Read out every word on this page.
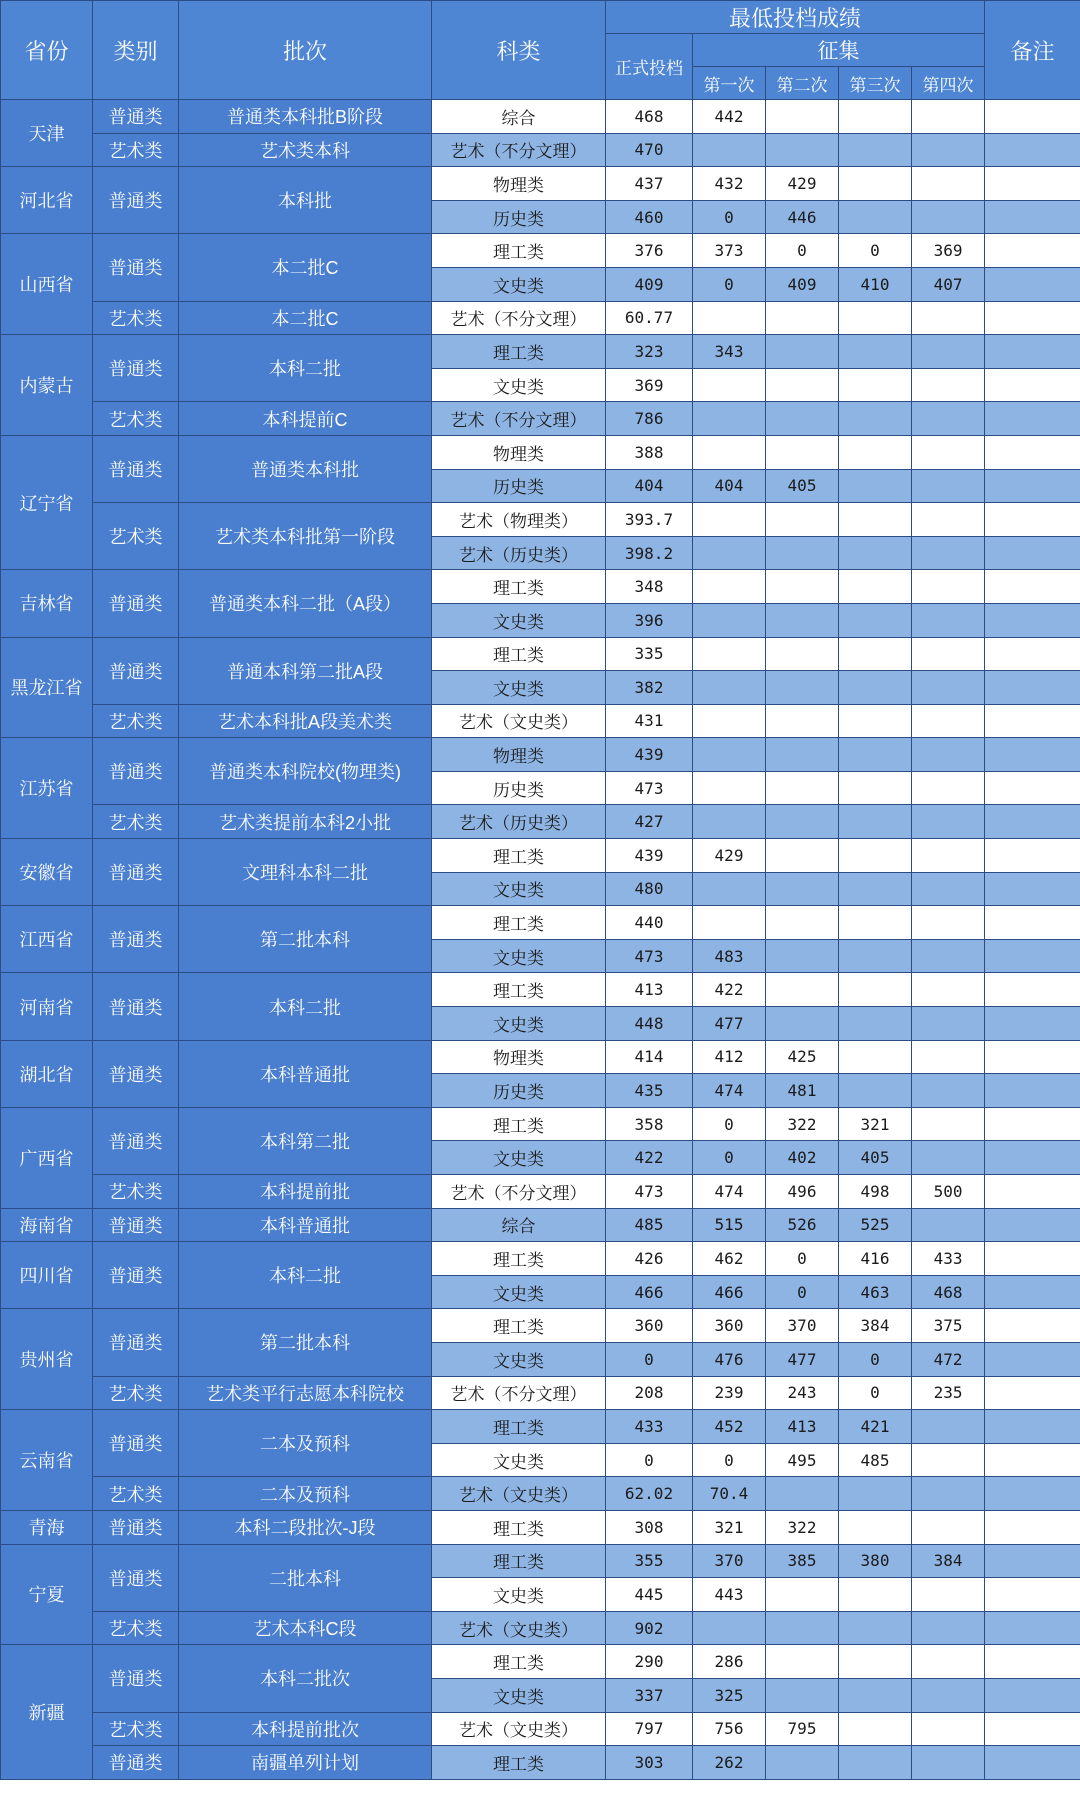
省份	类别	批次	科类	最低投档成绩					备注
				正式投档	征集				
					第一次	第二次	第三次	第四次	
天津	普通类	普通类本科批B阶段	综合	468	442				
	艺术类	艺术类本科	艺术（不分文理）	470					
河北省	普通类	本科批	物理类	437	432	429			
			历史类	460	0	446			
山西省	普通类	本二批C	理工类	376	373	0	0	369	
			文史类	409	0	409	410	407	
	艺术类	本二批C	艺术（不分文理）	60.77					
内蒙古	普通类	本科二批	理工类	323	343				
			文史类	369					
	艺术类	本科提前C	艺术（不分文理）	786					
辽宁省	普通类	普通类本科批	物理类	388					
			历史类	404	404	405			
	艺术类	艺术类本科批第一阶段	艺术（物理类）	393.7					
			艺术（历史类）	398.2					
吉林省	普通类	普通类本科二批（A段）	理工类	348					
			文史类	396					
黑龙江省	普通类	普通本科第二批A段	理工类	335					
			文史类	382					
	艺术类	艺术本科批A段美术类	艺术（文史类）	431					
江苏省	普通类	普通类本科院校(物理类)	物理类	439					
			历史类	473					
	艺术类	艺术类提前本科2小批	艺术（历史类）	427					
安徽省	普通类	文理科本科二批	理工类	439	429				
			文史类	480					
江西省	普通类	第二批本科	理工类	440					
			文史类	473	483				
河南省	普通类	本科二批	理工类	413	422				
			文史类	448	477				
湖北省	普通类	本科普通批	物理类	414	412	425			
			历史类	435	474	481			
广西省	普通类	本科第二批	理工类	358	0	322	321		
			文史类	422	0	402	405		
	艺术类	本科提前批	艺术（不分文理）	473	474	496	498	500	
海南省	普通类	本科普通批	综合	485	515	526	525		
四川省	普通类	本科二批	理工类	426	462	0	416	433	
			文史类	466	466	0	463	468	
贵州省	普通类	第二批本科	理工类	360	360	370	384	375	
			文史类	0	476	477	0	472	
	艺术类	艺术类平行志愿本科院校	艺术（不分文理）	208	239	243	0	235	
云南省	普通类	二本及预科	理工类	433	452	413	421		
			文史类	0	0	495	485		
	艺术类	二本及预科	艺术（文史类）	62.02	70.4				
青海	普通类	本科二段批次-J段	理工类	308	321	322			
宁夏	普通类	二批本科	理工类	355	370	385	380	384	
			文史类	445	443				
	艺术类	艺术本科C段	艺术（文史类）	902					
新疆	普通类	本科二批次	理工类	290	286				
			文史类	337	325				
	艺术类	本科提前批次	艺术（文史类）	797	756	795			
	普通类	南疆单列计划	理工类	303	262				
